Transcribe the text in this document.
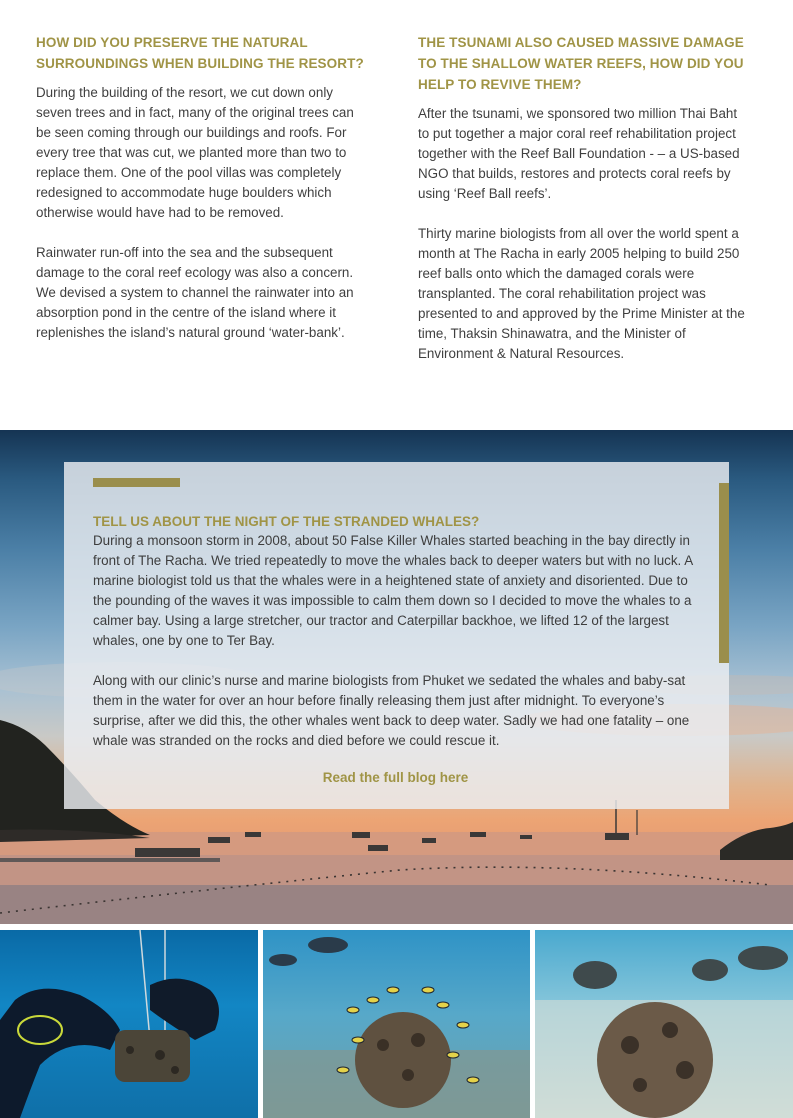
HOW DID YOU PRESERVE THE NATURAL SURROUNDINGS WHEN BUILDING THE RESORT?

During the building of the resort, we cut down only seven trees and in fact, many of the original trees can be seen coming through our buildings and roofs. For every tree that was cut, we planted more than two to replace them. One of the pool villas was completely redesigned to accommodate huge boulders which otherwise would have had to be removed.

Rainwater run-off into the sea and the subsequent damage to the coral reef ecology was also a concern. We devised a system to channel the rainwater into an absorption pond in the centre of the island where it replenishes the island’s natural ground ‘water-bank’.

THE TSUNAMI ALSO CAUSED MASSIVE DAMAGE TO THE SHALLOW WATER REEFS, HOW DID YOU HELP TO REVIVE THEM?

After the tsunami, we sponsored two million Thai Baht to put together a major coral reef rehabilitation project together with the Reef Ball Foundation - – a US-based NGO that builds, restores and protects coral reefs by using ‘Reef Ball reefs’.

Thirty marine biologists from all over the world spent a month at The Racha in early 2005 helping to build 250 reef balls onto which the damaged corals were transplanted. The coral rehabilitation project was presented to and approved by the Prime Minister at the time, Thaksin Shinawatra, and the Minister of Environment & Natural Resources.

TELL US ABOUT THE NIGHT OF THE STRANDED WHALES?

During a monsoon storm in 2008, about 50 False Killer Whales started beaching in the bay directly in front of The Racha. We tried repeatedly to move the whales back to deeper waters but with no luck. A marine biologist told us that the whales were in a heightened state of anxiety and disoriented. Due to the pounding of the waves it was impossible to calm them down so I decided to move the whales to a calmer bay. Using a large stretcher, our tractor and Caterpillar backhoe, we lifted 12 of the largest whales, one by one to Ter Bay.

Along with our clinic’s nurse and marine biologists from Phuket we sedated the whales and baby-sat them in the water for over an hour before finally releasing them just after midnight. To everyone’s surprise, after we did this, the other whales went back to deep water. Sadly we had one fatality – one whale was stranded on the rocks and died before we could rescue it.

Read the full blog here
